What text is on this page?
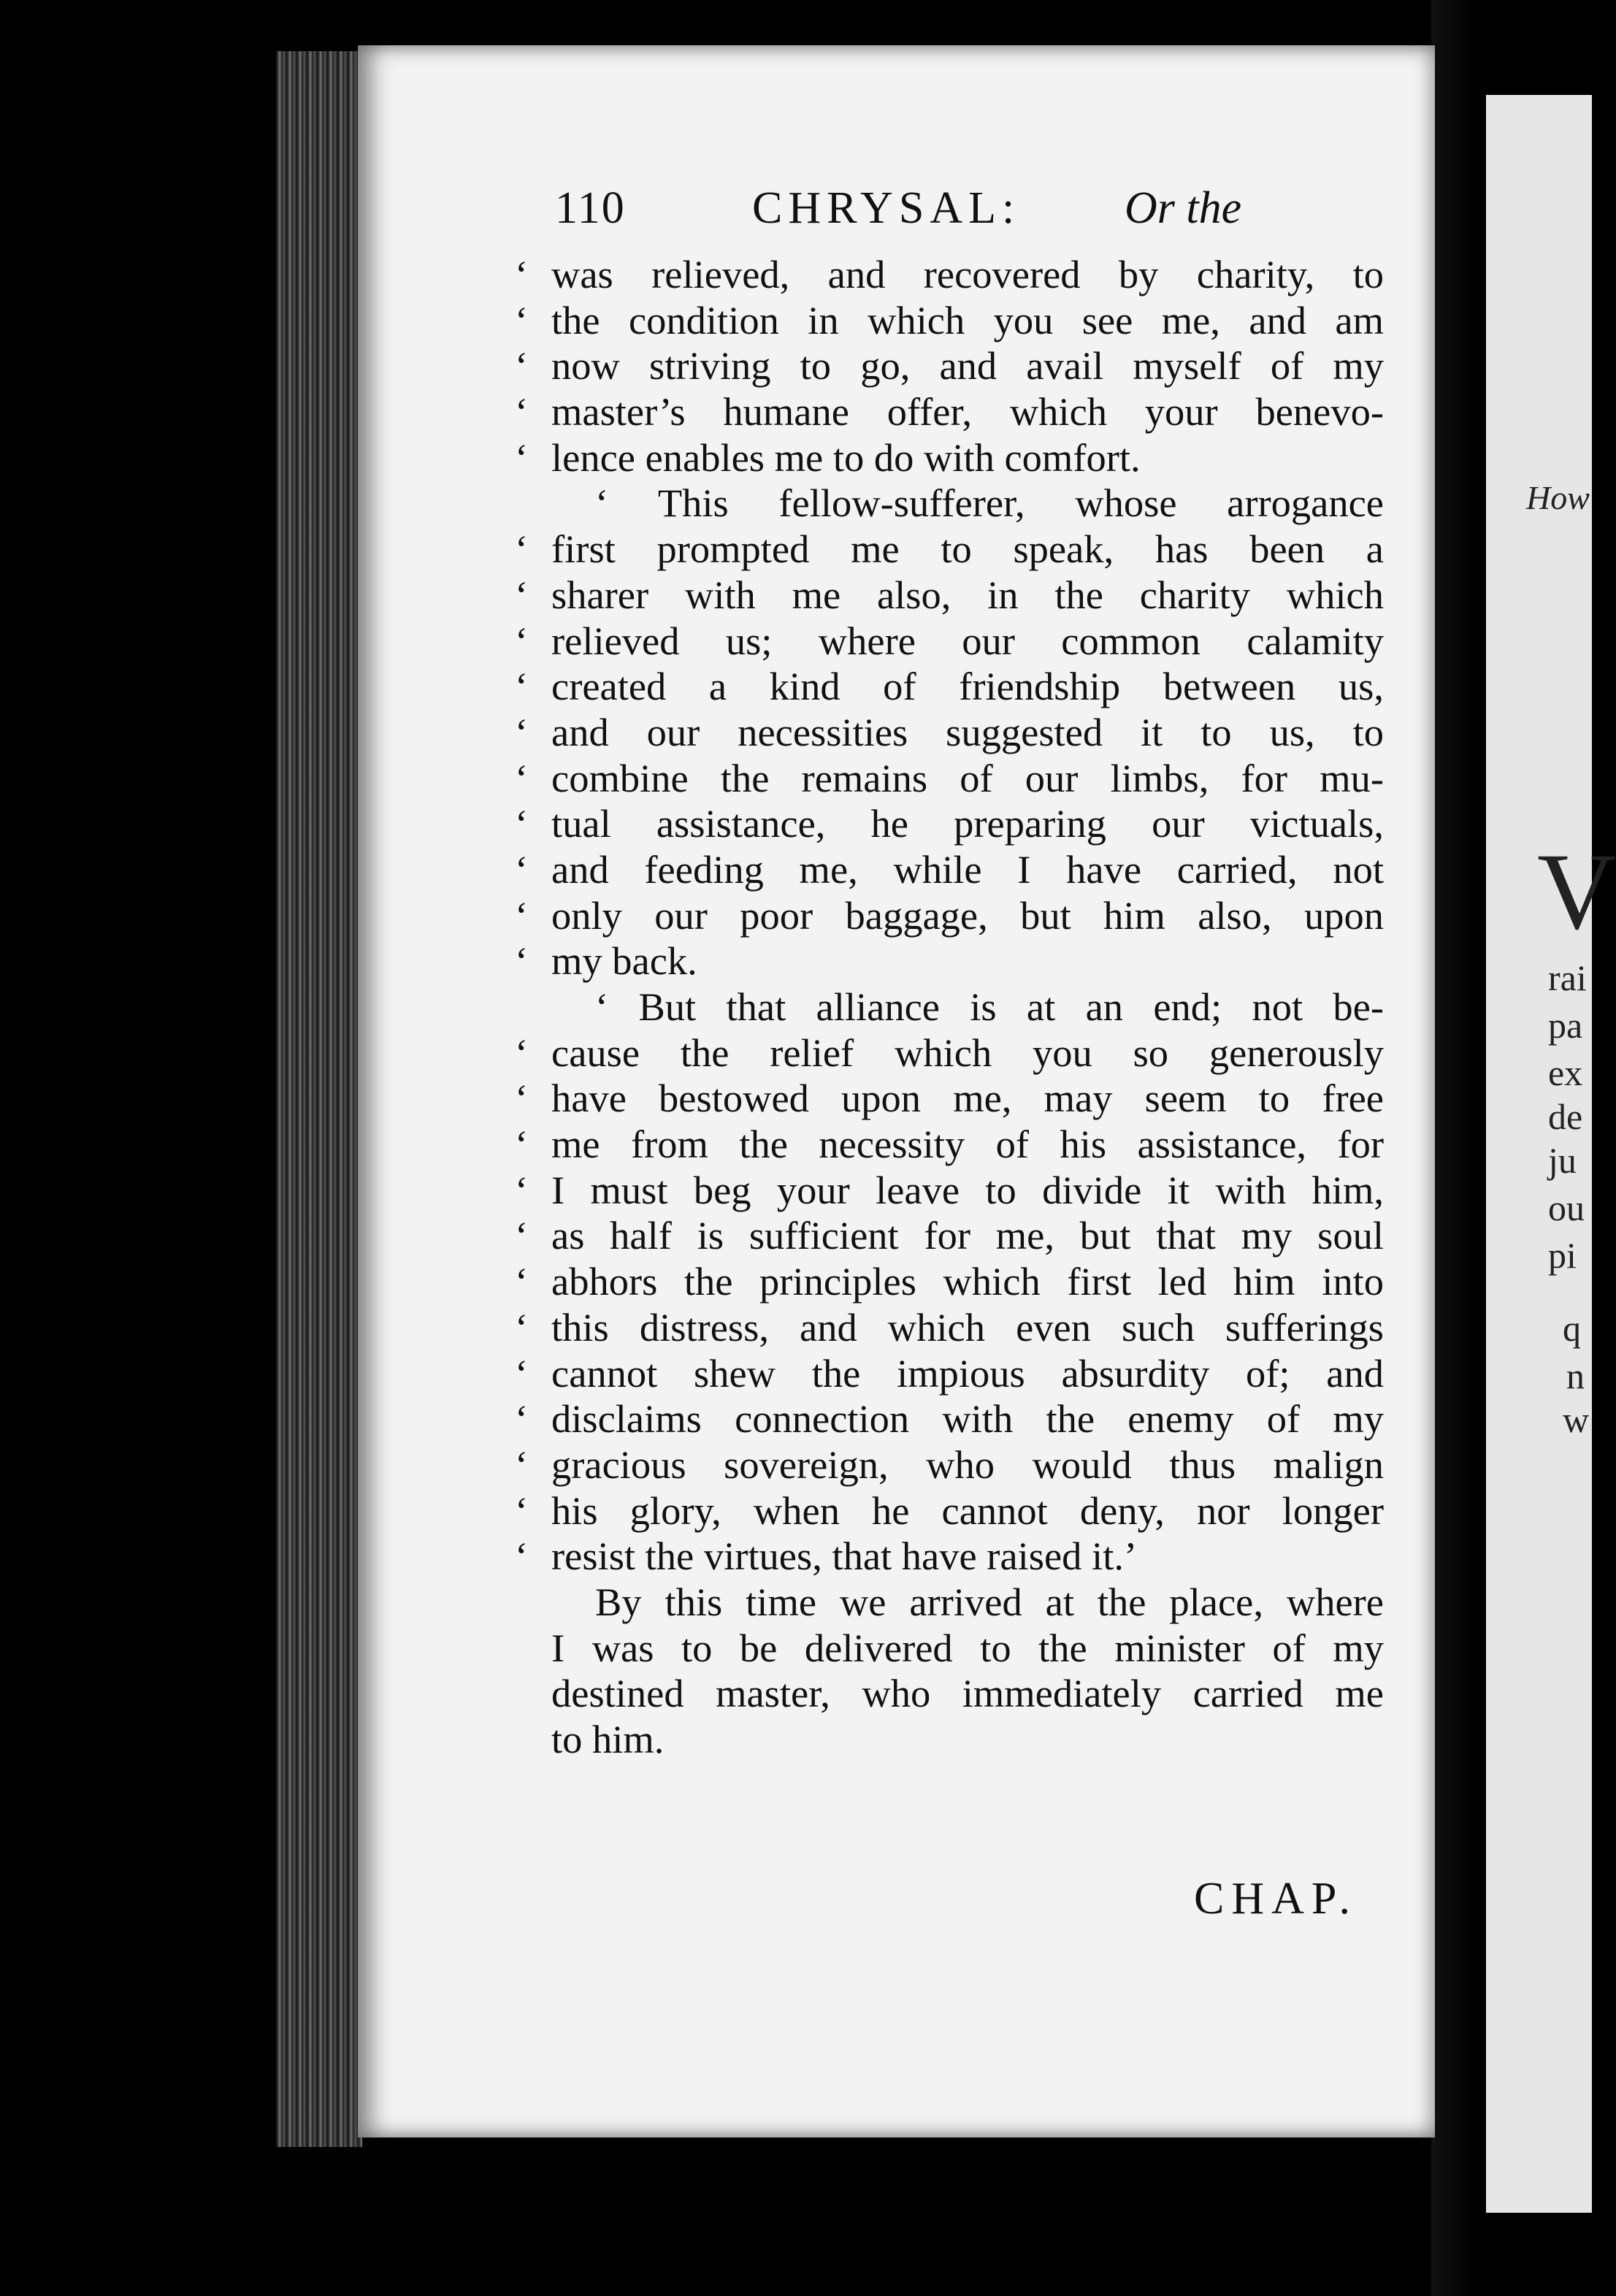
How
V
rai
pa
ex
de
ju
ou
pi
q
n
w
110	CHRYSAL: Or the
‘ was relieved, and recovered by charity, to
‘ the condition in which you see me, and am
‘ now striving to go, and avail myself of my
‘ master’s humane offer, which your benevo-
‘ lence enables me to do with comfort.
‘ This fellow-sufferer, whose arrogance
‘ first prompted me to speak, has been a
‘ sharer with me also, in the charity which
‘ relieved us; where our common calamity
‘ created a kind of friendship between us,
‘ and our necessities suggested it to us, to
‘ combine the remains of our limbs, for mu-
‘ tual assistance, he preparing our victuals,
‘ and feeding me, while I have carried, not
‘ only our poor baggage, but him also, upon
‘ my back.
‘ But that alliance is at an end; not be-
‘ cause the relief which you so generously
‘ have bestowed upon me, may seem to free
‘ me from the necessity of his assistance, for
‘ I must beg your leave to divide it with him,
‘ as half is sufficient for me, but that my soul
‘ abhors the principles which first led him into
‘ this distress, and which even such sufferings
‘ cannot shew the impious absurdity of; and
‘ disclaims connection with the enemy of my
‘ gracious sovereign, who would thus malign
‘ his glory, when he cannot deny, nor longer
‘ resist the virtues, that have raised it.’
By this time we arrived at the place, where
I was to be delivered to the minister of my
destined master, who immediately carried me
to him.
CHAP.
